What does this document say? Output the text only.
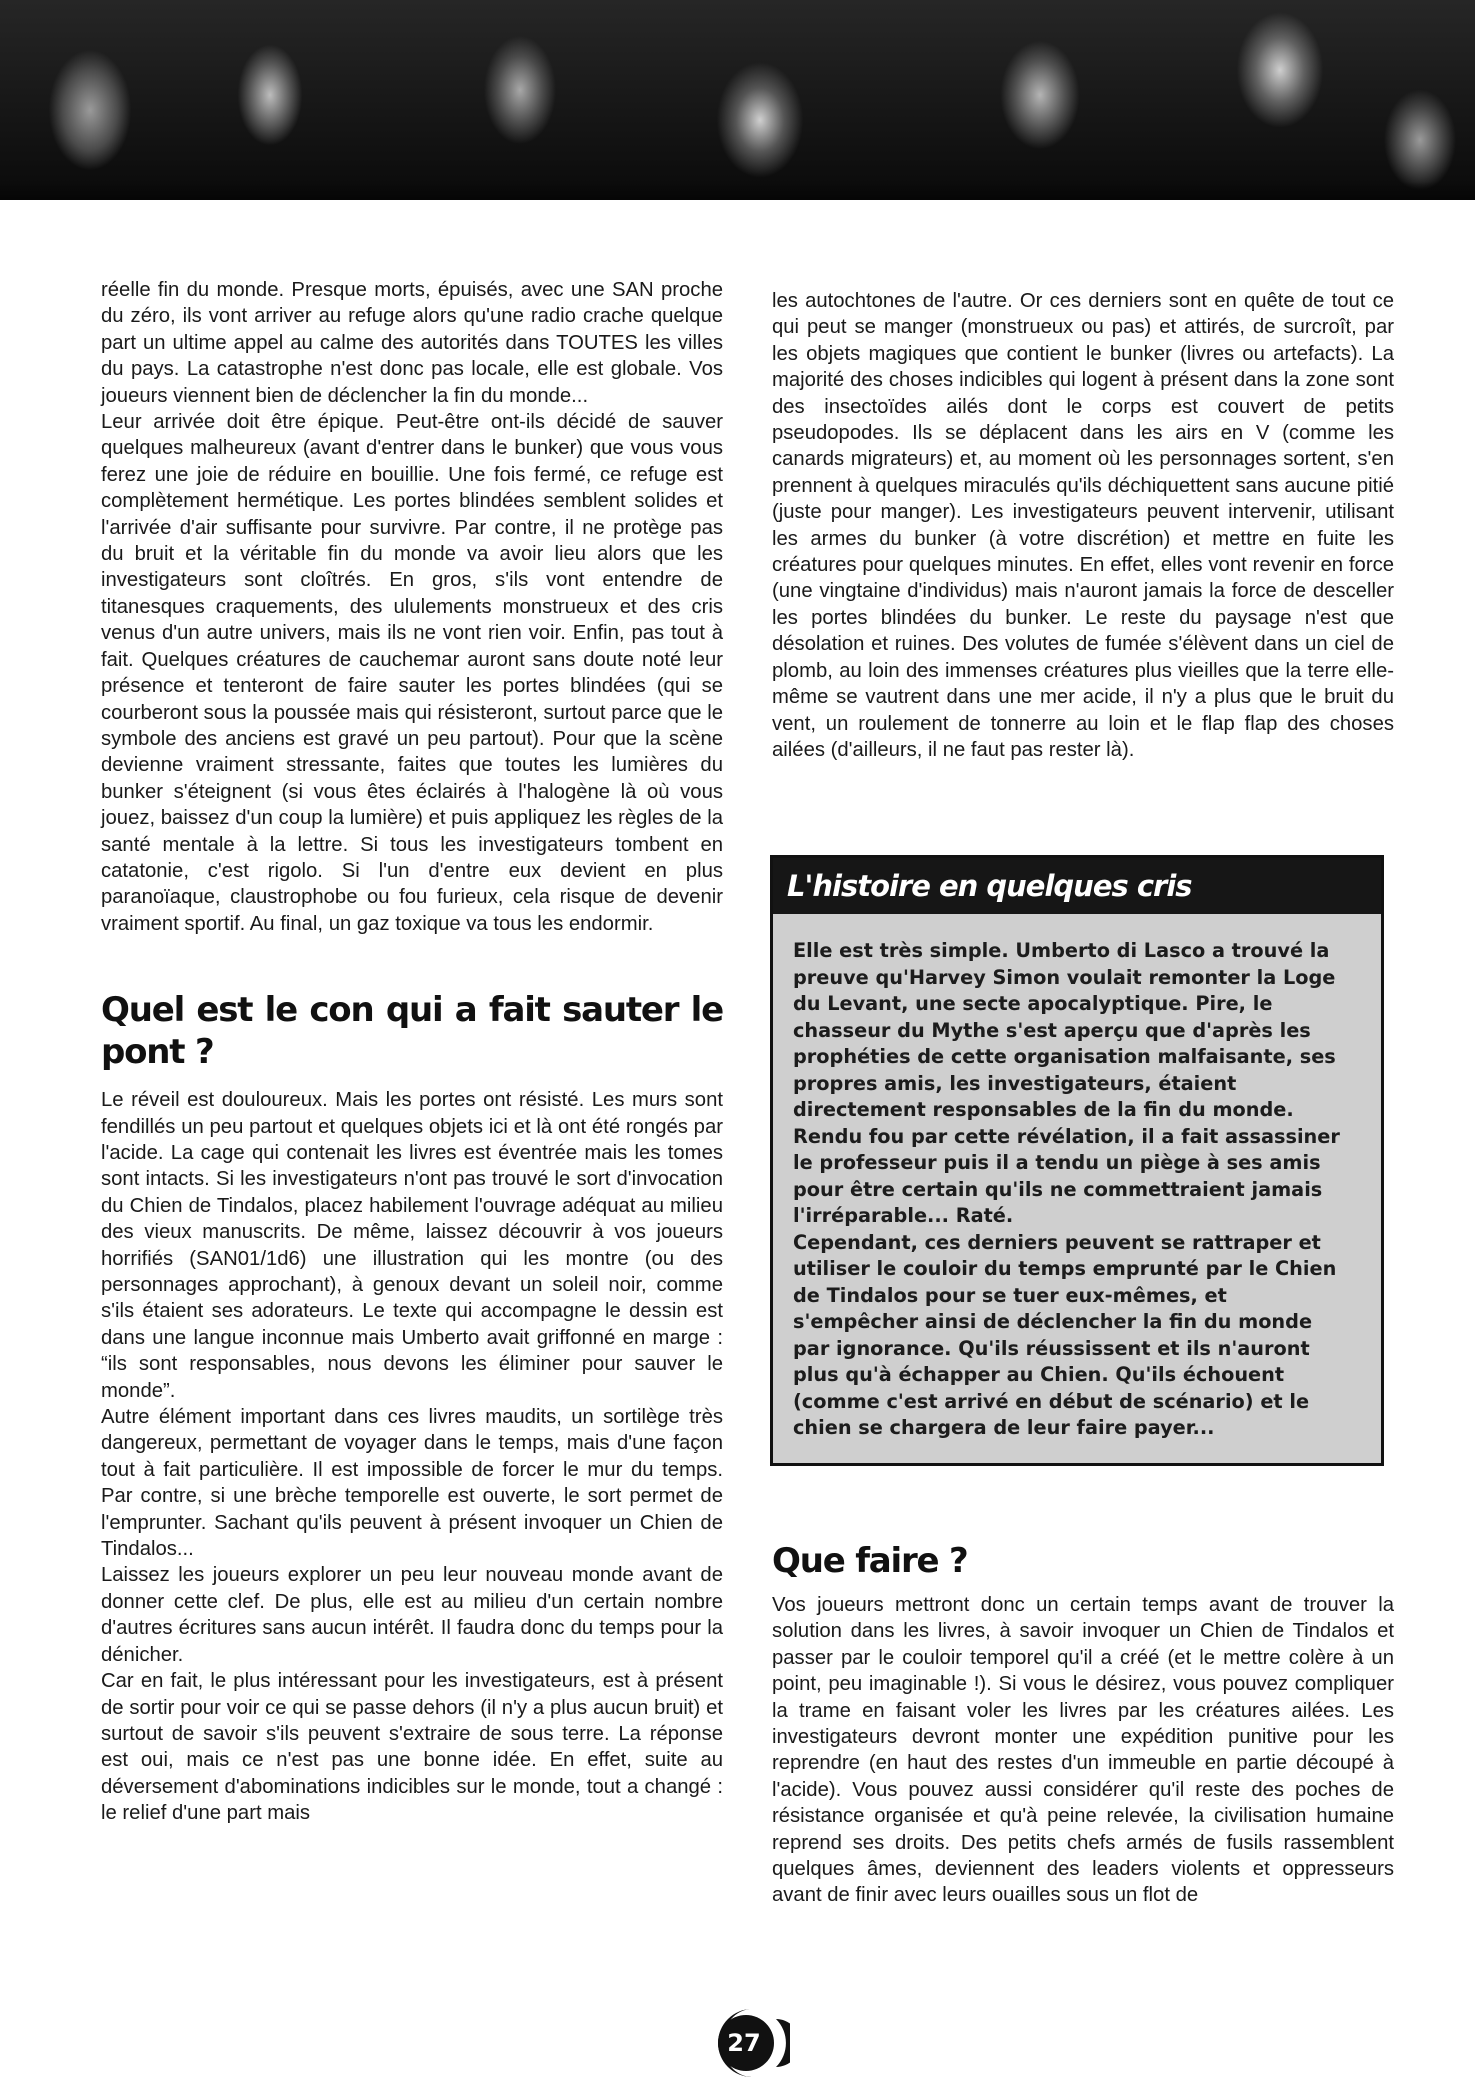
réelle fin du monde. Presque morts, épuisés, avec une SAN proche du zéro, ils vont arriver au refuge alors qu'une radio crache quelque part un ultime appel au calme des autorités dans TOUTES les villes du pays. La catastrophe n'est donc pas locale, elle est globale. Vos joueurs viennent bien de déclencher la fin du monde...

Leur arrivée doit être épique. Peut-être ont-ils décidé de sauver quelques malheureux (avant d'entrer dans le bunker) que vous vous ferez une joie de réduire en bouillie. Une fois fermé, ce refuge est complètement hermétique. Les portes blindées semblent solides et l'arrivée d'air suffisante pour survivre. Par contre, il ne protège pas du bruit et la véritable fin du monde va avoir lieu alors que les investigateurs sont cloîtrés. En gros, s'ils vont entendre de titanesques craquements, des ululements monstrueux et des cris venus d'un autre univers, mais ils ne vont rien voir. Enfin, pas tout à fait. Quelques créatures de cauchemar auront sans doute noté leur présence et tenteront de faire sauter les portes blindées (qui se courberont sous la poussée mais qui résisteront, surtout parce que le symbole des anciens est gravé un peu partout). Pour que la scène devienne vraiment stressante, faites que toutes les lumières du bunker s'éteignent (si vous êtes éclairés à l'halogène là où vous jouez, baissez d'un coup la lumière) et puis appliquez les règles de la santé mentale à la lettre. Si tous les investigateurs tombent en catatonie, c'est rigolo. Si l'un d'entre eux devient en plus paranoïaque, claustrophobe ou fou furieux, cela risque de devenir vraiment sportif. Au final, un gaz toxique va tous les endormir.

Quel est le con qui a fait sauter le pont ?

Le réveil est douloureux. Mais les portes ont résisté. Les murs sont fendillés un peu partout et quelques objets ici et là ont été rongés par l'acide. La cage qui contenait les livres est éventrée mais les tomes sont intacts. Si les investigateurs n'ont pas trouvé le sort d'invocation du Chien de Tindalos, placez habilement l'ouvrage adéquat au milieu des vieux manuscrits. De même, laissez découvrir à vos joueurs horrifiés (SAN01/1d6) une illustration qui les montre (ou des personnages approchant), à genoux devant un soleil noir, comme s'ils étaient ses adorateurs. Le texte qui accompagne le dessin est dans une langue inconnue mais Umberto avait griffonné en marge : “ils sont responsables, nous devons les éliminer pour sauver le monde”.

Autre élément important dans ces livres maudits, un sortilège très dangereux, permettant de voyager dans le temps, mais d'une façon tout à fait particulière. Il est impossible de forcer le mur du temps. Par contre, si une brèche temporelle est ouverte, le sort permet de l'emprunter. Sachant qu'ils peuvent à présent invoquer un Chien de Tindalos...

Laissez les joueurs explorer un peu leur nouveau monde avant de donner cette clef. De plus, elle est au milieu d'un certain nombre d'autres écritures sans aucun intérêt. Il faudra donc du temps pour la dénicher.

Car en fait, le plus intéressant pour les investigateurs, est à présent de sortir pour voir ce qui se passe dehors (il n'y a plus aucun bruit) et surtout de savoir s'ils peuvent s'extraire de sous terre. La réponse est oui, mais ce n'est pas une bonne idée. En effet, suite au déversement d'abominations indicibles sur le monde, tout a changé : le relief d'une part mais

les autochtones de l'autre. Or ces derniers sont en quête de tout ce qui peut se manger (monstrueux ou pas) et attirés, de surcroît, par les objets magiques que contient le bunker (livres ou artefacts). La majorité des choses indicibles qui logent à présent dans la zone sont des insectoïdes ailés dont le corps est couvert de petits pseudopodes. Ils se déplacent dans les airs en V (comme les canards migrateurs) et, au moment où les personnages sortent, s'en prennent à quelques miraculés qu'ils déchiquettent sans aucune pitié (juste pour manger). Les investigateurs peuvent intervenir, utilisant les armes du bunker (à votre discrétion) et mettre en fuite les créatures pour quelques minutes. En effet, elles vont revenir en force (une vingtaine d'individus) mais n'auront jamais la force de desceller les portes blindées du bunker. Le reste du paysage n'est que désolation et ruines. Des volutes de fumée s'élèvent dans un ciel de plomb, au loin des immenses créatures plus vieilles que la terre elle-même se vautrent dans une mer acide, il n'y a plus que le bruit du vent, un roulement de tonnerre au loin et le flap flap des choses ailées (d'ailleurs, il ne faut pas rester là).

L'histoire en quelques cris

Elle est très simple. Umberto di Lasco a trouvé la preuve qu'Harvey Simon voulait remonter la Loge du Levant, une secte apocalyptique. Pire, le chasseur du Mythe s'est aperçu que d'après les prophéties de cette organisation malfaisante, ses propres amis, les investigateurs, étaient directement responsables de la fin du monde. Rendu fou par cette révélation, il a fait assassiner le professeur puis il a tendu un piège à ses amis pour être certain qu'ils ne commettraient jamais l'irréparable... Raté.

Cependant, ces derniers peuvent se rattraper et utiliser le couloir du temps emprunté par le Chien de Tindalos pour se tuer eux-mêmes, et s'empêcher ainsi de déclencher la fin du monde par ignorance. Qu'ils réussissent et ils n'auront plus qu'à échapper au Chien. Qu'ils échouent (comme c'est arrivé en début de scénario) et le chien se chargera de leur faire payer...

Que faire ?

Vos joueurs mettront donc un certain temps avant de trouver la solution dans les livres, à savoir invoquer un Chien de Tindalos et passer par le couloir temporel qu'il a créé (et le mettre colère à un point, peu imaginable !). Si vous le désirez, vous pouvez compliquer la trame en faisant voler les livres par les créatures ailées. Les investigateurs devront monter une expédition punitive pour les reprendre (en haut des restes d'un immeuble en partie découpé à l'acide). Vous pouvez aussi considérer qu'il reste des poches de résistance organisée et qu'à peine relevée, la civilisation humaine reprend ses droits. Des petits chefs armés de fusils rassemblent quelques âmes, deviennent des leaders violents et oppresseurs avant de finir avec leurs ouailles sous un flot de

27
